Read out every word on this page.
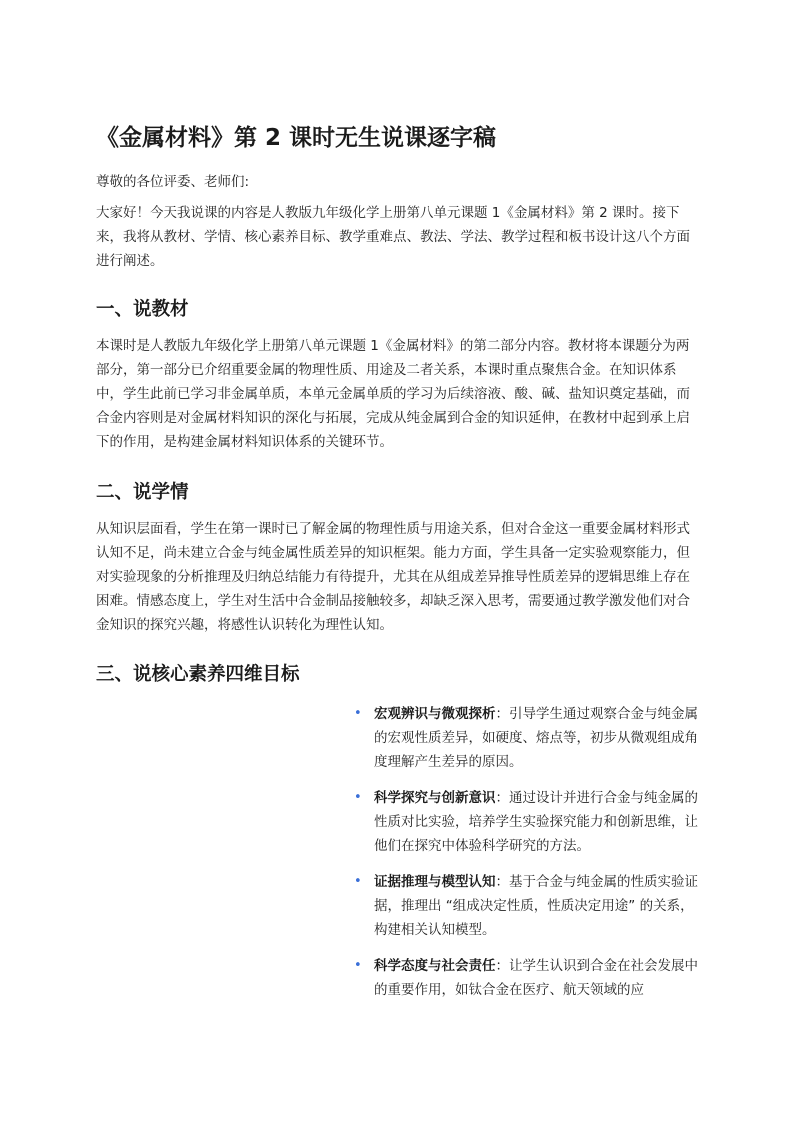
《金属材料》第 2 课时无生说课逐字稿

尊敬的各位评委、老师们:

大家好！今天我说课的内容是人教版九年级化学上册第八单元课题 1《金属材料》第 2 课时。接下来，我将从教材、学情、核心素养目标、教学重难点、教法、学法、教学过程和板书设计这八个方面进行阐述。

一、说教材

本课时是人教版九年级化学上册第八单元课题 1《金属材料》的第二部分内容。教材将本课题分为两部分，第一部分已介绍重要金属的物理性质、用途及二者关系，本课时重点聚焦合金。在知识体系中，学生此前已学习非金属单质，本单元金属单质的学习为后续溶液、酸、碱、盐知识奠定基础，而合金内容则是对金属材料知识的深化与拓展，完成从纯金属到合金的知识延伸，在教材中起到承上启下的作用，是构建金属材料知识体系的关键环节。

二、说学情

从知识层面看，学生在第一课时已了解金属的物理性质与用途关系，但对合金这一重要金属材料形式认知不足，尚未建立合金与纯金属性质差异的知识框架。能力方面，学生具备一定实验观察能力，但对实验现象的分析推理及归纳总结能力有待提升，尤其在从组成差异推导性质差异的逻辑思维上存在困难。情感态度上，学生对生活中合金制品接触较多，却缺乏深入思考，需要通过教学激发他们对合金知识的探究兴趣，将感性认识转化为理性认知。

三、说核心素养四维目标
• 宏观辨识与微观探析：引导学生通过观察合金与纯金属的宏观性质差异，如硬度、熔点等，初步从微观组成角度理解产生差异的原因。
• 科学探究与创新意识：通过设计并进行合金与纯金属的性质对比实验，培养学生实验探究能力和创新思维，让他们在探究中体验科学研究的方法。
• 证据推理与模型认知：基于合金与纯金属的性质实验证据，推理出 “组成决定性质，性质决定用途” 的关系，构建相关认知模型。
• 科学态度与社会责任：让学生认识到合金在社会发展中的重要作用，如钛合金在医疗、航天领域的应
